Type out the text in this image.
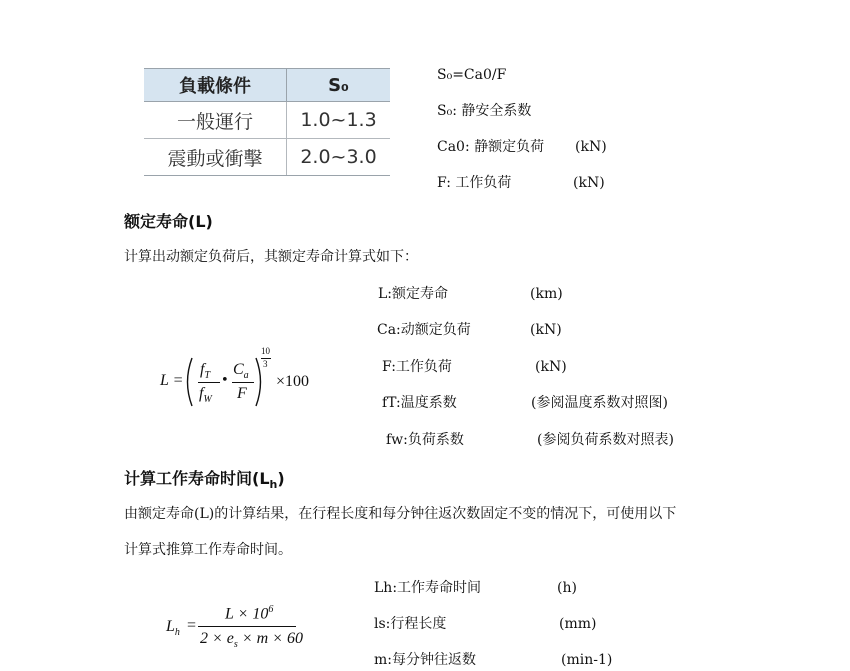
負載條件	S₀
一般運行	1.0~1.3
震動或衝擊	2.0~3.0
S₀=Ca0/F
S₀: 静安全系数
Ca0: 静额定负荷 (kN)
F: 工作负荷	(kN)
额定寿命(L)
计算出动额定负荷后，其额定寿命计算式如下：
L =
$f_T$
$f_W$
•
$C_a$
F
10
3
×100
L:额定寿命	(km)
Ca:动额定负荷	(kN)
F:工作负荷	(kN)
fT:温度系数	(参阅温度系数对照图)
fw:负荷系数	(参阅负荷系数对照表)
计算工作寿命时间$(L_h)$
由额定寿命(L)的计算结果，在行程长度和每分钟往返次数固定不变的情况下，可使用以下
计算式推算工作寿命时间。
$L_h$ =
$L \times 10^6$
$2 \times e_s \times m \times 60$
Lh:工作寿命时间	(h)
ls:行程长度	(mm)
m:每分钟往返数	(min-1)
